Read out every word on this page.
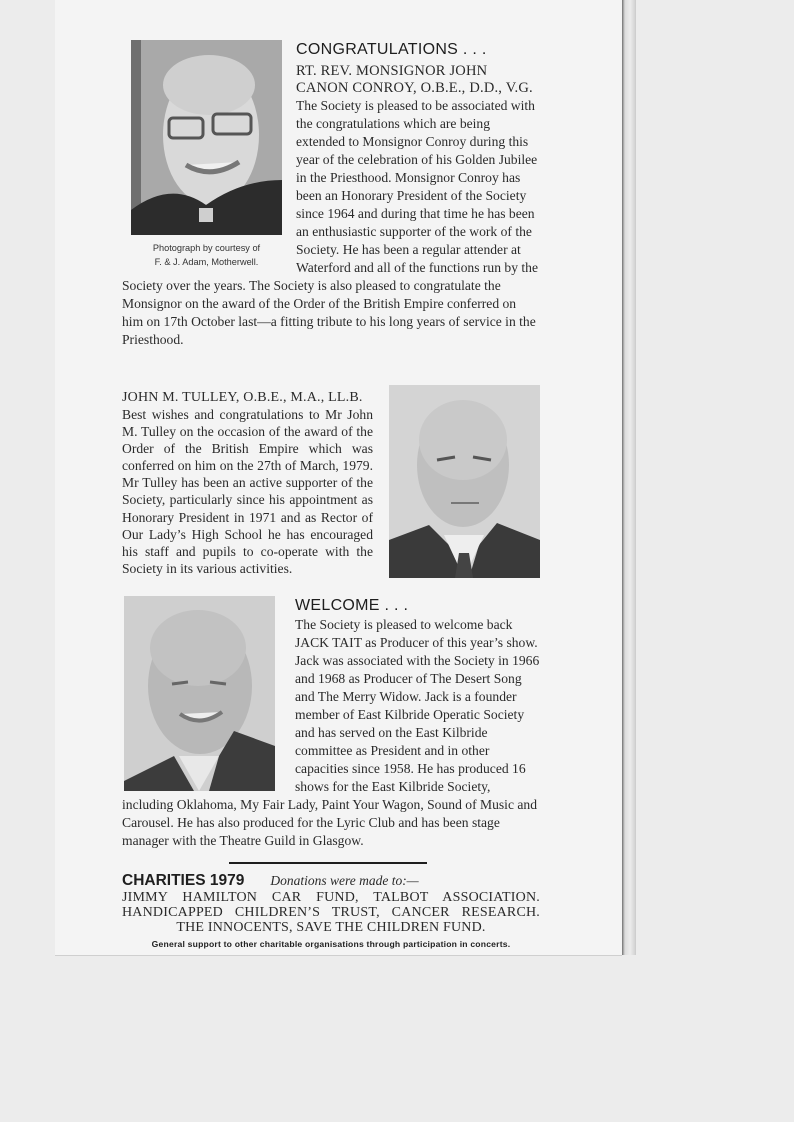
Photograph by courtesy of
F. & J. Adam, Motherwell.
CONGRATULATIONS . . .
RT. REV. MONSIGNOR JOHN
CANON CONROY, O.B.E., D.D., V.G.
The Society is pleased to be associated with the congratulations which are being extended to Monsignor Conroy during this year of the celebration of his Golden Jubilee in the Priesthood. Monsignor Conroy has been an Honorary President of the Society since 1964 and during that time he has been an enthusiastic supporter of the work of the Society. He has been a regular attender at Waterford and all of the functions run by the Society over the years. The Society is also pleased to congratulate the Monsignor on the award of the Order of the British Empire conferred on him on 17th October last—a fitting tribute to his long years of service in the Priesthood.
JOHN M. TULLEY, O.B.E., M.A., LL.B.
Best wishes and congratulations to Mr John M. Tulley on the occasion of the award of the Order of the British Empire which was conferred on him on the 27th of March, 1979. Mr Tulley has been an active supporter of the Society, particularly since his appointment as Honorary President in 1971 and as Rector of Our Lady’s High School he has encouraged his staff and pupils to co-operate with the Society in its various activities.
WELCOME . . .
The Society is pleased to welcome back JACK TAIT as Producer of this year’s show. Jack was associated with the Society in 1966 and 1968 as Producer of The Desert Song and The Merry Widow. Jack is a founder member of East Kilbride Operatic Society and has served on the East Kilbride committee as President and in other capacities since 1958. He has produced 16 shows for the East Kilbride Society, including Oklahoma, My Fair Lady, Paint Your Wagon, Sound of Music and Carousel. He has also produced for the Lyric Club and has been stage manager with the Theatre Guild in Glasgow.
CHARITIES 1979 Donations were made to:—
JIMMY HAMILTON CAR FUND, TALBOT ASSOCIATION.
HANDICAPPED CHILDREN’S TRUST, CANCER RESEARCH.
THE INNOCENTS, SAVE THE CHILDREN FUND.
General support to other charitable organisations through participation in concerts.
